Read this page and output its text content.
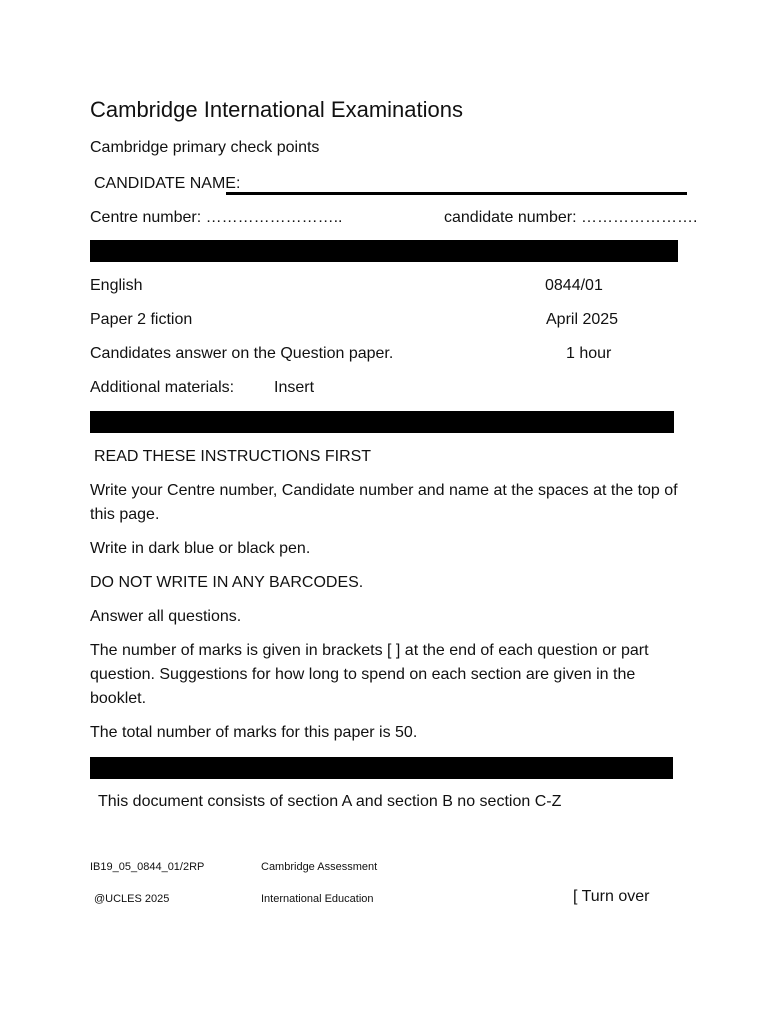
Cambridge International Examinations
Cambridge primary check points
CANDIDATE NAME:
Centre number: ……………………..	candidate number: ………………….
English	0844/01
Paper 2 fiction	April 2025
Candidates answer on the Question paper.	1 hour
Additional materials: Insert
READ THESE INSTRUCTIONS FIRST
Write your Centre number, Candidate number and name at the spaces at the top of this page.
Write in dark blue or black pen.
DO NOT WRITE IN ANY BARCODES.
Answer all questions.
The number of marks is given in brackets [ ] at the end of each question or part question. Suggestions for how long to spend on each section are given in the booklet.
The total number of marks for this paper is 50.
This document consists of section A and section B no section C-Z
IB19_05_0844_01/2RP	Cambridge Assessment
@UCLES 2025	International Education	[ Turn over
